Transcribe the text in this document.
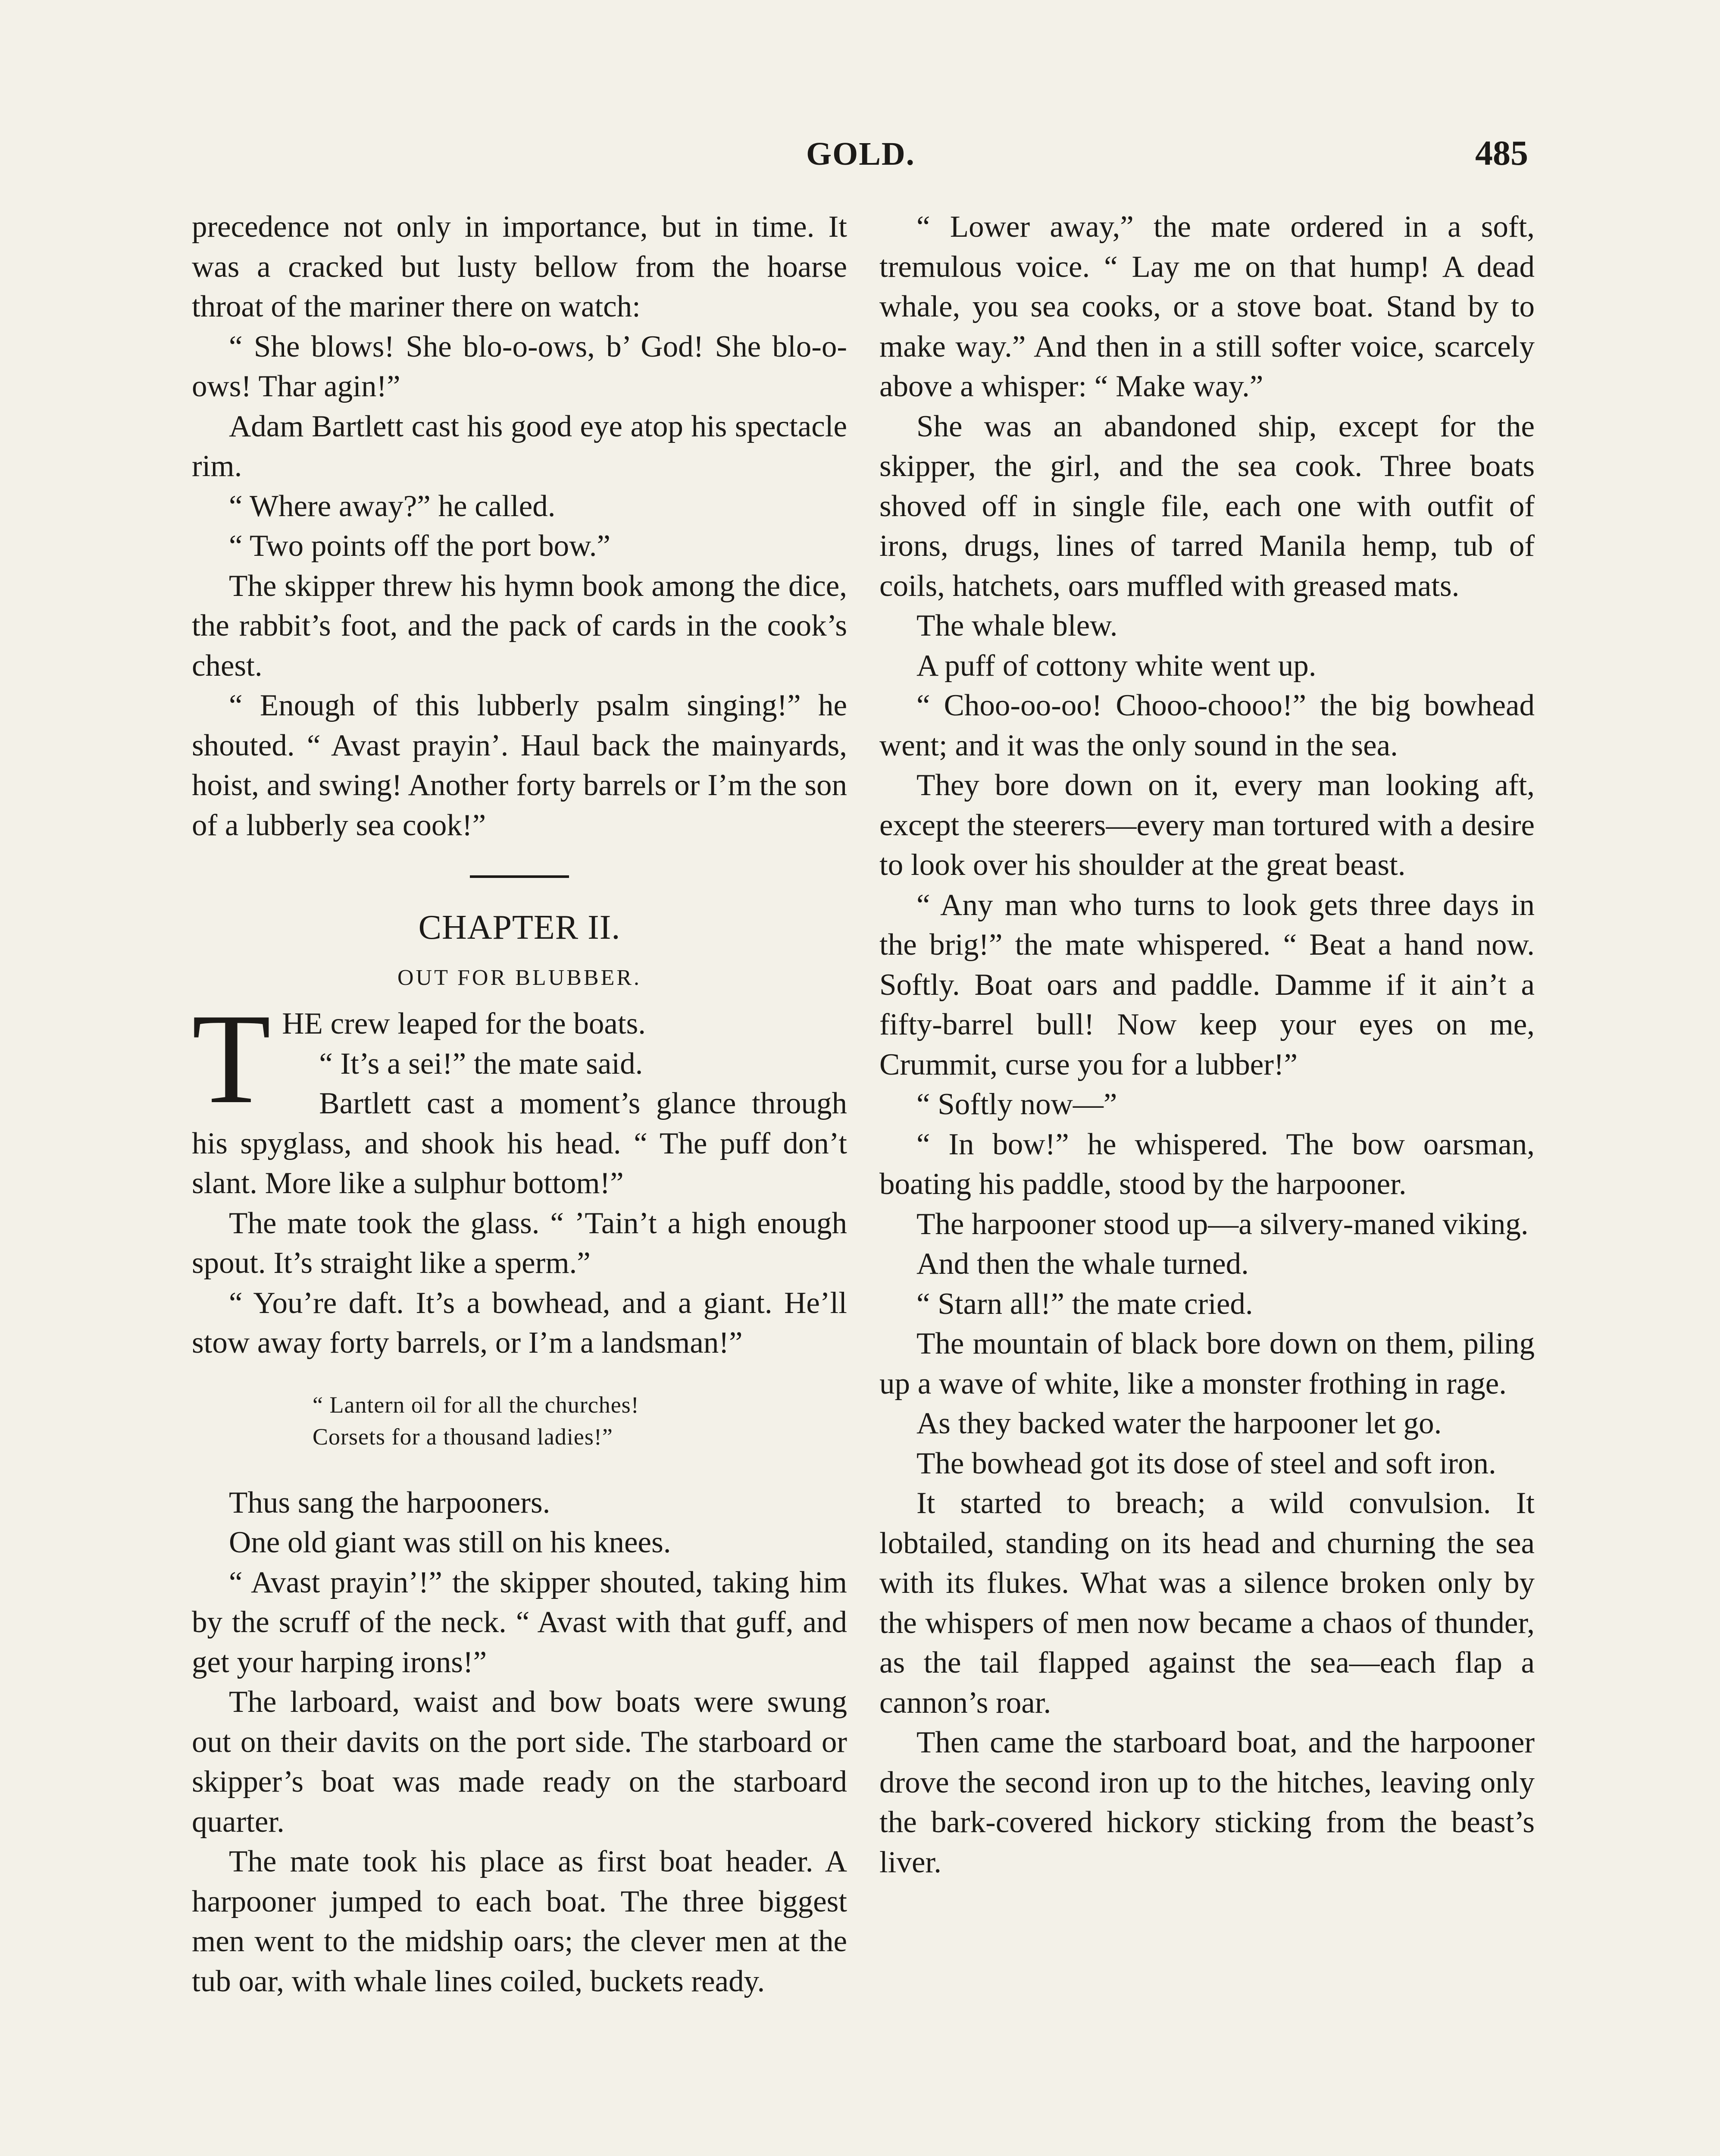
GOLD.	485

precedence not only in importance, but in time. It was a cracked but lusty bellow from the hoarse throat of the mariner there on watch:

“ She blows! She blo-o-ows, b’ God! She blo-o-ows! Thar agin!”

Adam Bartlett cast his good eye atop his spectacle rim.

“ Where away?” he called.

“ Two points off the port bow.”

The skipper threw his hymn book among the dice, the rabbit’s foot, and the pack of cards in the cook’s chest.

“ Enough of this lubberly psalm singing!” he shouted. “ Avast prayin’. Haul back the mainyards, hoist, and swing! Another forty barrels or I’m the son of a lubberly sea cook!”

CHAPTER II.
OUT FOR BLUBBER.

THE crew leaped for the boats.

“ It’s a sei!” the mate said.

Bartlett cast a moment’s glance through his spyglass, and shook his head. “ The puff don’t slant. More like a sulphur bottom!”

The mate took the glass. “ ’Tain’t a high enough spout. It’s straight like a sperm.”

“ You’re daft. It’s a bowhead, and a giant. He’ll stow away forty barrels, or I’m a landsman!”

“ Lantern oil for all the churches!
Corsets for a thousand ladies!”

Thus sang the harpooners.

One old giant was still on his knees.

“ Avast prayin’!” the skipper shouted, taking him by the scruff of the neck. “ Avast with that guff, and get your harping irons!”

The larboard, waist and bow boats were swung out on their davits on the port side. The starboard or skipper’s boat was made ready on the starboard quarter.

The mate took his place as first boat header. A harpooner jumped to each boat. The three biggest men went to the midship oars; the clever men at the tub oar, with whale lines coiled, buckets ready.

“ Lower away,” the mate ordered in a soft, tremulous voice. “ Lay me on that hump! A dead whale, you sea cooks, or a stove boat. Stand by to make way.” And then in a still softer voice, scarcely above a whisper: “ Make way.”

She was an abandoned ship, except for the skipper, the girl, and the sea cook. Three boats shoved off in single file, each one with outfit of irons, drugs, lines of tarred Manila hemp, tub of coils, hatchets, oars muffled with greased mats.

The whale blew.

A puff of cottony white went up.

“ Choo-oo-oo! Chooo-chooo!” the big bowhead went; and it was the only sound in the sea.

They bore down on it, every man looking aft, except the steerers—every man tortured with a desire to look over his shoulder at the great beast.

“ Any man who turns to look gets three days in the brig!” the mate whispered. “ Beat a hand now. Softly. Boat oars and paddle. Damme if it ain’t a fifty-barrel bull! Now keep your eyes on me, Crummit, curse you for a lubber!”

“ Softly now—”

“ In bow!” he whispered. The bow oarsman, boating his paddle, stood by the harpooner.

The harpooner stood up—a silvery-maned viking.

And then the whale turned.

“ Starn all!” the mate cried.

The mountain of black bore down on them, piling up a wave of white, like a monster frothing in rage.

As they backed water the harpooner let go.

The bowhead got its dose of steel and soft iron.

It started to breach; a wild convulsion. It lobtailed, standing on its head and churning the sea with its flukes. What was a silence broken only by the whispers of men now became a chaos of thunder, as the tail flapped against the sea—each flap a cannon’s roar.

Then came the starboard boat, and the harpooner drove the second iron up to the hitches, leaving only the bark-covered hickory sticking from the beast’s liver.
